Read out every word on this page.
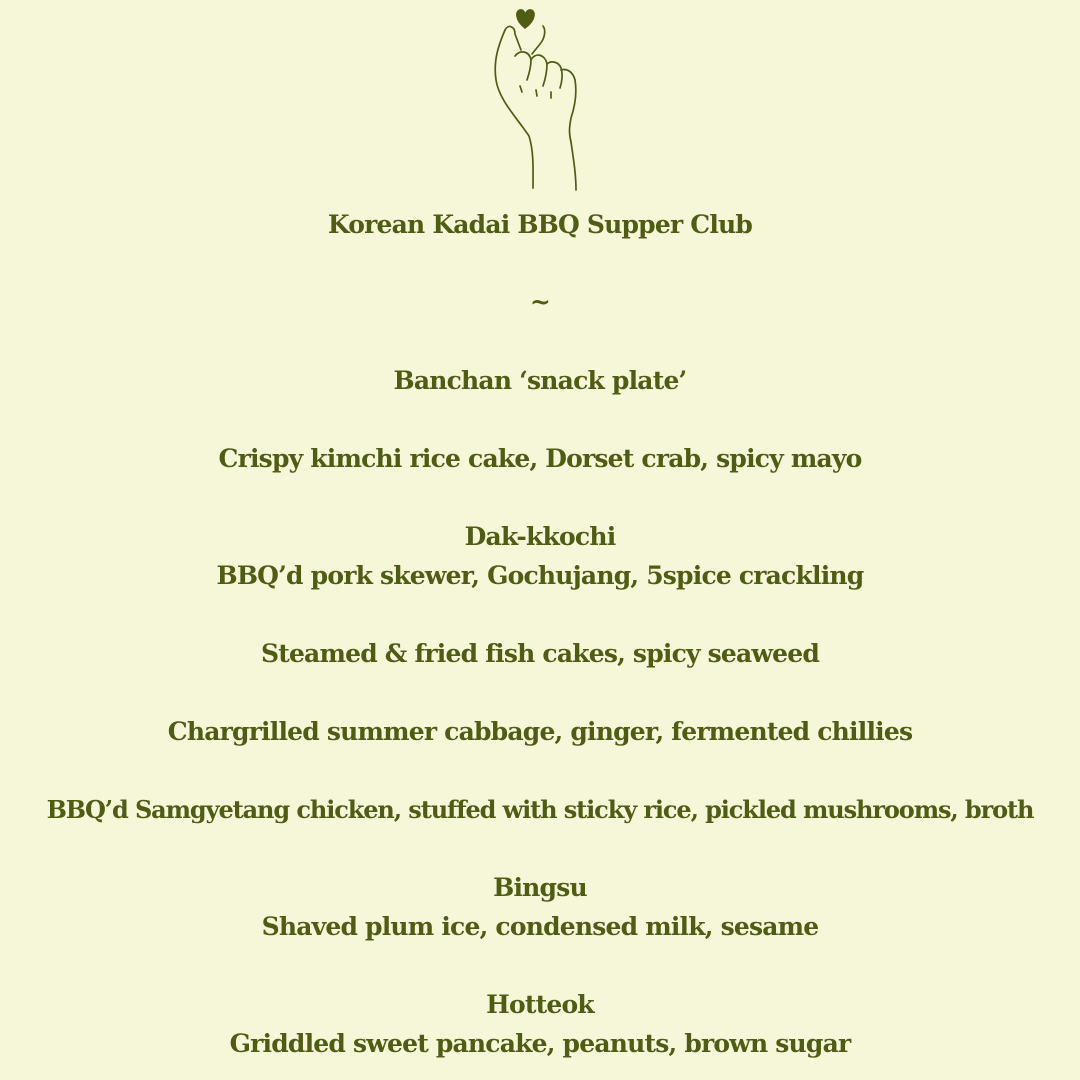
Korean Kadai BBQ Supper Club
~
Banchan ‘snack plate’
Crispy kimchi rice cake, Dorset crab, spicy mayo
Dak-kkochi
BBQ’d pork skewer, Gochujang, 5spice crackling
Steamed & fried fish cakes, spicy seaweed
Chargrilled summer cabbage, ginger, fermented chillies
BBQ’d Samgyetang chicken, stuffed with sticky rice, pickled mushrooms, broth
Bingsu
Shaved plum ice, condensed milk, sesame
Hotteok
Griddled sweet pancake, peanuts, brown sugar
